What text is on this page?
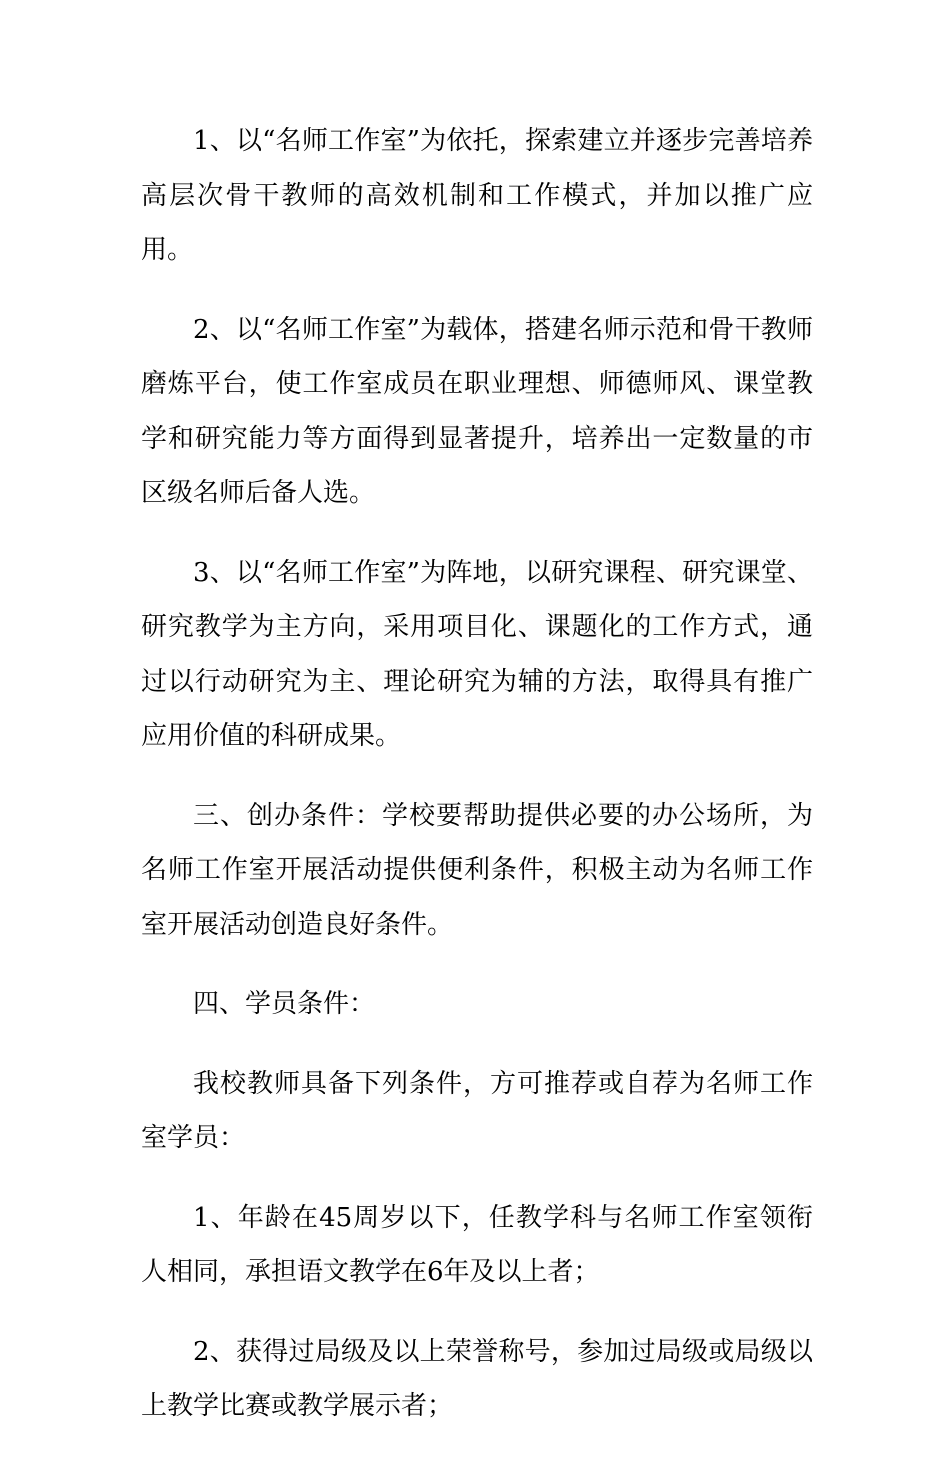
1、以“名师工作室”为依托，探索建立并逐步完善培养高层次骨干教师的高效机制和工作模式，并加以推广应用。

2、以“名师工作室”为载体，搭建名师示范和骨干教师磨炼平台，使工作室成员在职业理想、师德师风、课堂教学和研究能力等方面得到显著提升，培养出一定数量的市区级名师后备人选。

3、以“名师工作室”为阵地，以研究课程、研究课堂、研究教学为主方向，采用项目化、课题化的工作方式，通过以行动研究为主、理论研究为辅的方法，取得具有推广应用价值的科研成果。

三、创办条件：学校要帮助提供必要的办公场所，为名师工作室开展活动提供便利条件，积极主动为名师工作室开展活动创造良好条件。

四、学员条件：

我校教师具备下列条件，方可推荐或自荐为名师工作室学员：

1、年龄在45周岁以下，任教学科与名师工作室领衔人相同，承担语文教学在6年及以上者；

2、获得过局级及以上荣誉称号，参加过局级或局级以上教学比赛或教学展示者；
